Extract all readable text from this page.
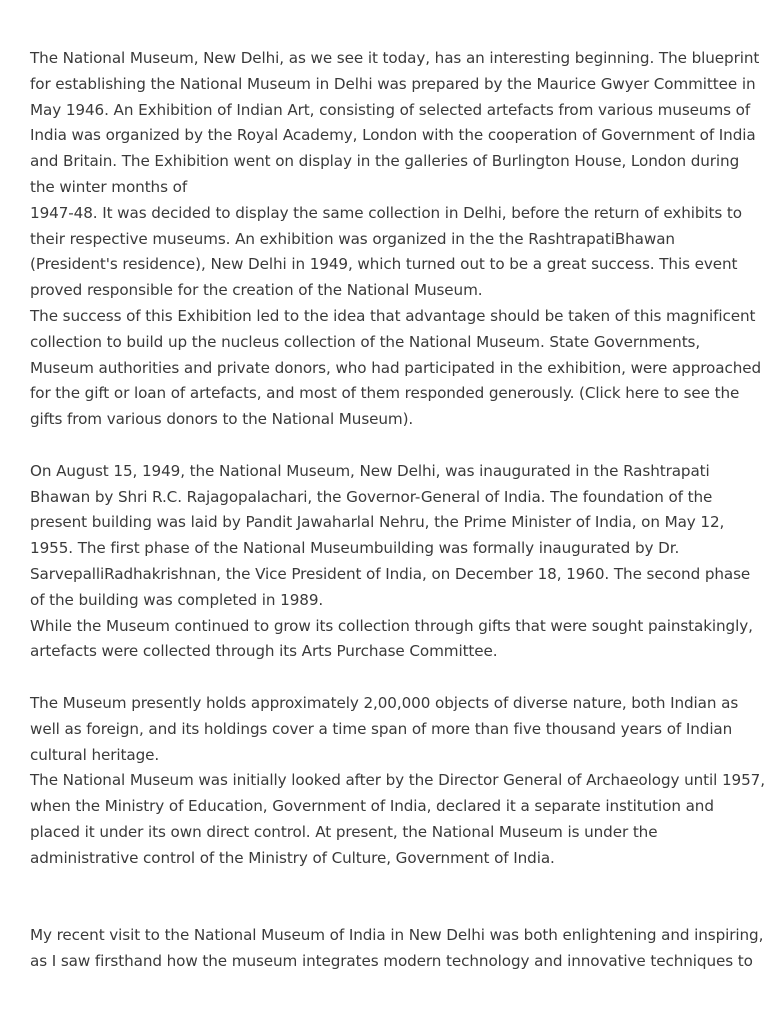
The National Museum, New Delhi, as we see it today, has an interesting beginning. The blueprint
for establishing the National Museum in Delhi was prepared by the Maurice Gwyer Committee in
May 1946. An Exhibition of Indian Art, consisting of selected artefacts from various museums of
India was organized by the Royal Academy, London with the cooperation of Government of India
and Britain. The Exhibition went on display in the galleries of Burlington House, London during
the winter months of
1947-48. It was decided to display the same collection in Delhi, before the return of exhibits to
their respective museums. An exhibition was organized in the the RashtrapatiBhawan
(President's residence), New Delhi in 1949, which turned out to be a great success. This event
proved responsible for the creation of the National Museum.
The success of this Exhibition led to the idea that advantage should be taken of this magnificent
collection to build up the nucleus collection of the National Museum. State Governments,
Museum authorities and private donors, who had participated in the exhibition, were approached
for the gift or loan of artefacts, and most of them responded generously. (Click here to see the
gifts from various donors to the National Museum).
On August 15, 1949, the National Museum, New Delhi, was inaugurated in the Rashtrapati
Bhawan by Shri R.C. Rajagopalachari, the Governor-General of India. The foundation of the
present building was laid by Pandit Jawaharlal Nehru, the Prime Minister of India, on May 12,
1955. The first phase of the National Museumbuilding was formally inaugurated by Dr.
SarvepalliRadhakrishnan, the Vice President of India, on December 18, 1960. The second phase
of the building was completed in 1989.
While the Museum continued to grow its collection through gifts that were sought painstakingly,
artefacts were collected through its Arts Purchase Committee.
The Museum presently holds approximately 2,00,000 objects of diverse nature, both Indian as
well as foreign, and its holdings cover a time span of more than five thousand years of Indian
cultural heritage.
The National Museum was initially looked after by the Director General of Archaeology until 1957,
when the Ministry of Education, Government of India, declared it a separate institution and
placed it under its own direct control. At present, the National Museum is under the
administrative control of the Ministry of Culture, Government of India.
My recent visit to the National Museum of India in New Delhi was both enlightening and inspiring,
as I saw firsthand how the museum integrates modern technology and innovative techniques to
